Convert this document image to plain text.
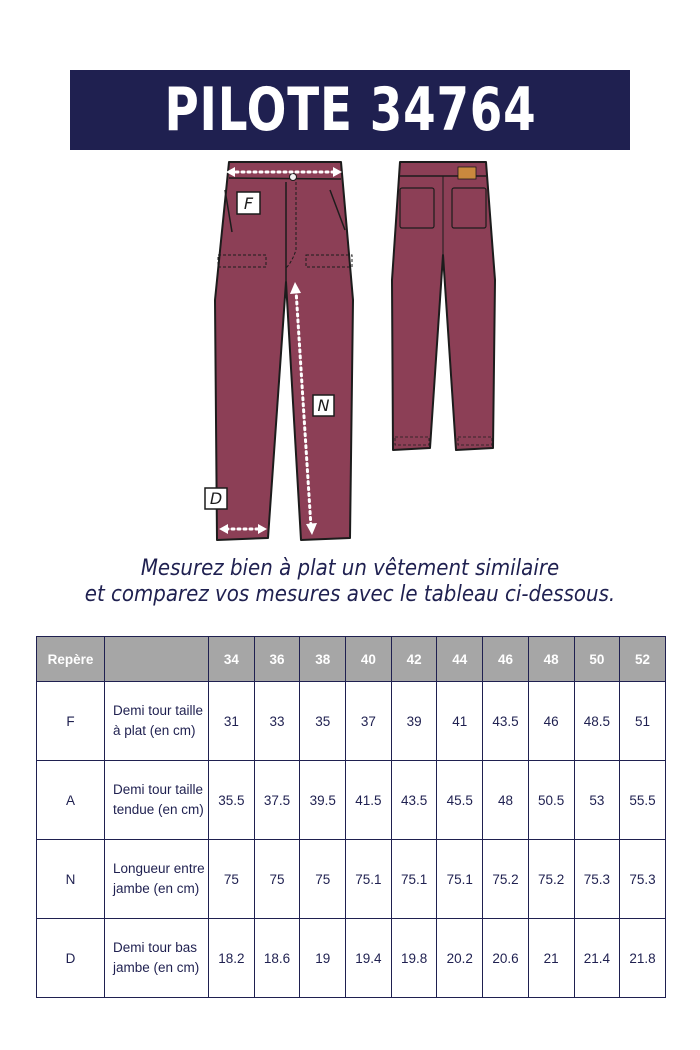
PILOTE 34764
F
N
D
Mesurez bien à plat un vêtement similaire
et comparez vos mesures avec le tableau ci-dessous.
Repère		34	36	38	40	42	44	46	48	50	52
F	Demi tour taille à plat (en cm)	31	33	35	37	39	41	43.5	46	48.5	51
A	Demi tour taille tendue (en cm)	35.5	37.5	39.5	41.5	43.5	45.5	48	50.5	53	55.5
N	Longueur entre jambe (en cm)	75	75	75	75.1	75.1	75.1	75.2	75.2	75.3	75.3
D	Demi tour bas jambe (en cm)	18.2	18.6	19	19.4	19.8	20.2	20.6	21	21.4	21.8
